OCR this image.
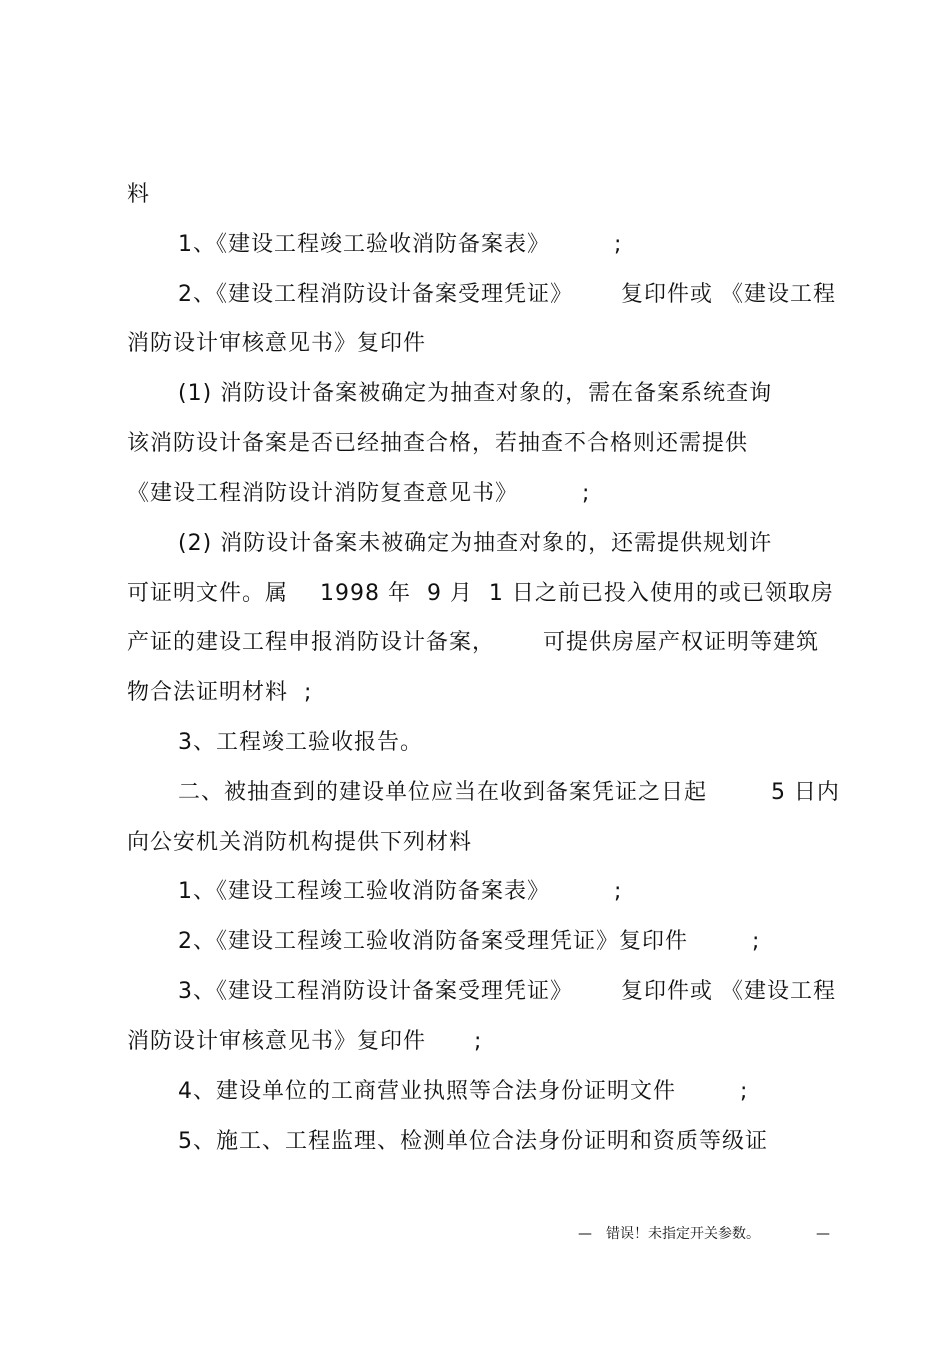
料
1、《建设工程竣工验收消防备案表》        ;
2、《建设工程消防设计备案受理凭证》      复印件或 《建设工程
消防设计审核意见书》复印件
(1) 消防设计备案被确定为抽查对象的，需在备案系统查询
该消防设计备案是否已经抽查合格，若抽查不合格则还需提供
《建设工程消防设计消防复查意见书》        ;
(2) 消防设计备案未被确定为抽查对象的，还需提供规划许
可证明文件。属    1998 年  9 月  1 日之前已投入使用的或已领取房
产证的建设工程申报消防设计备案，      可提供房屋产权证明等建筑
物合法证明材料  ;
3、工程竣工验收报告。
二、被抽查到的建设单位应当在收到备案凭证之日起        5 日内
向公安机关消防机构提供下列材料
1、《建设工程竣工验收消防备案表》        ;
2、《建设工程竣工验收消防备案受理凭证》复印件        ;
3、《建设工程消防设计备案受理凭证》      复印件或 《建设工程
消防设计审核意见书》复印件      ;
4、建设单位的工商营业执照等合法身份证明文件        ;
5、施工、工程监理、检测单位合法身份证明和资质等级证
— 错误！未指定开关参数。	—
